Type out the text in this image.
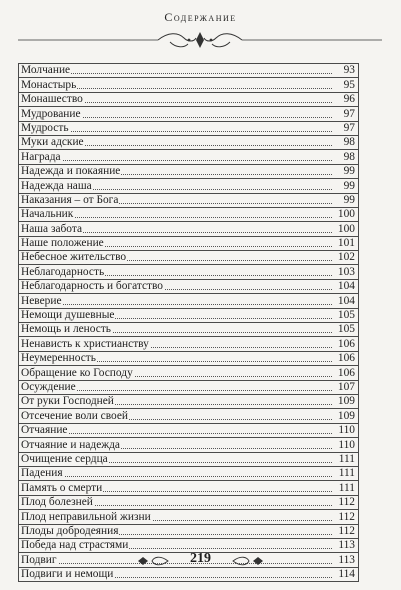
Содержание
Молчание	93
Монастырь	95
Монашество	96
Мудрование	97
Мудрость	97
Муки адские	98
Награда	98
Надежда и покаяние	99
Надежда наша	99
Наказания – от Бога	99
Начальник	100
Наша забота	100
Наше положение	101
Небесное жительство	102
Неблагодарность	103
Неблагодарность и богатство	104
Неверие	104
Немощи душевные	105
Немощь и леность	105
Ненависть к христианству	106
Неумеренность	106
Обращение ко Господу	106
Осуждение	107
От руки Господней	109
Отсечение воли своей	109
Отчаяние	110
Отчаяние и надежда	110
Очищение сердца	111
Падения	111
Память о смерти	111
Плод болезней	112
Плод неправильной жизни	112
Плоды добродеяния	112
Победа над страстями	113
Подвиг	113
Подвиги и немощи	114
219
